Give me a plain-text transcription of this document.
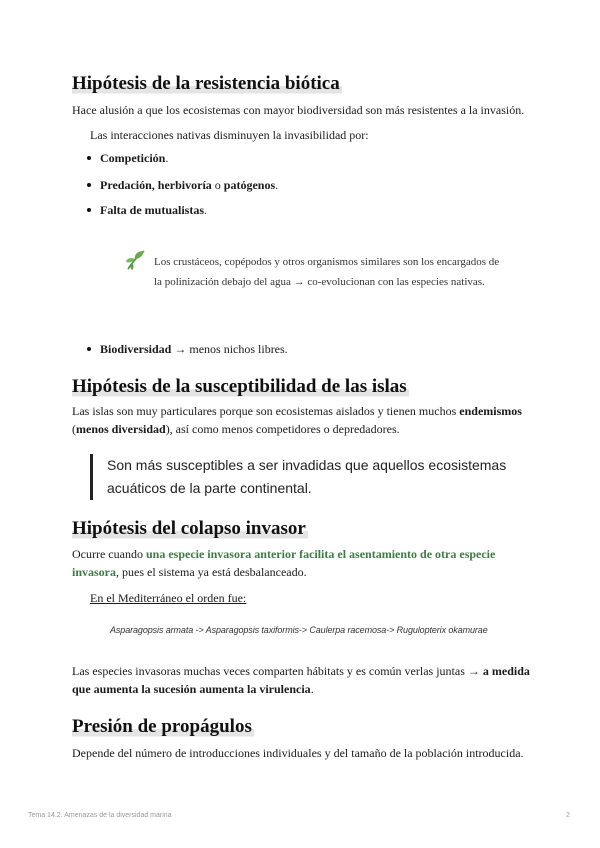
Hipótesis de la resistencia biótica

Hace alusión a que los ecosistemas con mayor biodiversidad son más resistentes a la invasión.

Las interacciones nativas disminuyen la invasibilidad por:

Competición.
Predación, herbivoría o patógenos.
Falta de mutualistas.
Los crustáceos, copépodos y otros organismos similares son los encargados de la polinización debajo del agua → co-evolucionan con las especies nativas.
Biodiversidad → menos nichos libres.
Hipótesis de la susceptibilidad de las islas

Las islas son muy particulares porque son ecosistemas aislados y tienen muchos endemismos (menos diversidad), así como menos competidores o depredadores.

Son más susceptibles a ser invadidas que aquellos ecosistemas acuáticos de la parte continental.
Hipótesis del colapso invasor

Ocurre cuando una especie invasora anterior facilita el asentamiento de otra especie invasora, pues el sistema ya está desbalanceado.

En el Mediterráneo el orden fue:

Asparagopsis armata -> Asparagopsis taxiformis-> Caulerpa racemosa-> Rugulopterix okamurae

Las especies invasoras muchas veces comparten hábitats y es común verlas juntas → a medida que aumenta la sucesión aumenta la virulencia.

Presión de propágulos

Depende del número de introducciones individuales y del tamaño de la población introducida.

Tema 14.2. Amenazas de la diversidad marina	2
